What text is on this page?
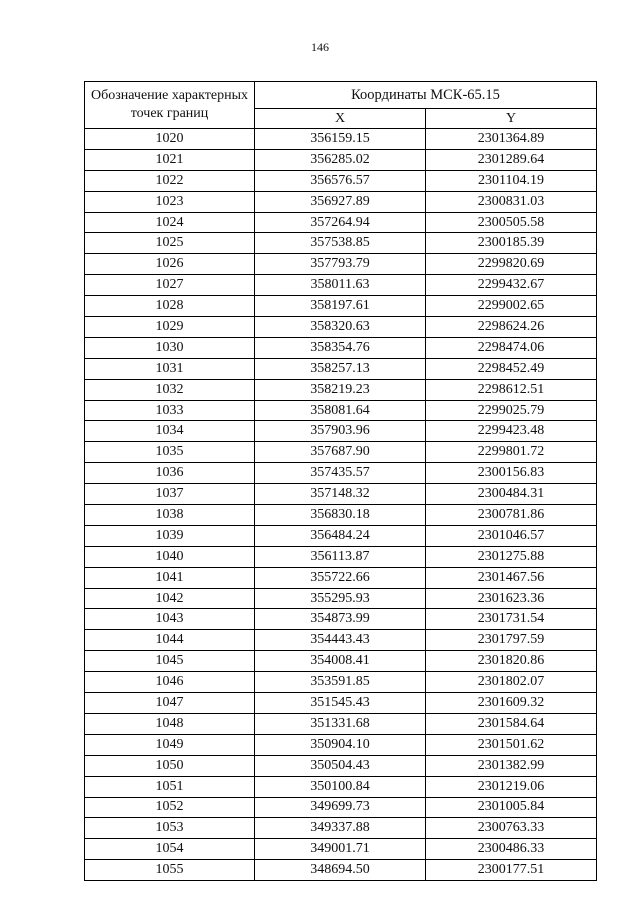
146
Обозначение характерных точек границ	Координаты МСК-65.15	
	X	Y
1020	356159.15	2301364.89
1021	356285.02	2301289.64
1022	356576.57	2301104.19
1023	356927.89	2300831.03
1024	357264.94	2300505.58
1025	357538.85	2300185.39
1026	357793.79	2299820.69
1027	358011.63	2299432.67
1028	358197.61	2299002.65
1029	358320.63	2298624.26
1030	358354.76	2298474.06
1031	358257.13	2298452.49
1032	358219.23	2298612.51
1033	358081.64	2299025.79
1034	357903.96	2299423.48
1035	357687.90	2299801.72
1036	357435.57	2300156.83
1037	357148.32	2300484.31
1038	356830.18	2300781.86
1039	356484.24	2301046.57
1040	356113.87	2301275.88
1041	355722.66	2301467.56
1042	355295.93	2301623.36
1043	354873.99	2301731.54
1044	354443.43	2301797.59
1045	354008.41	2301820.86
1046	353591.85	2301802.07
1047	351545.43	2301609.32
1048	351331.68	2301584.64
1049	350904.10	2301501.62
1050	350504.43	2301382.99
1051	350100.84	2301219.06
1052	349699.73	2301005.84
1053	349337.88	2300763.33
1054	349001.71	2300486.33
1055	348694.50	2300177.51
